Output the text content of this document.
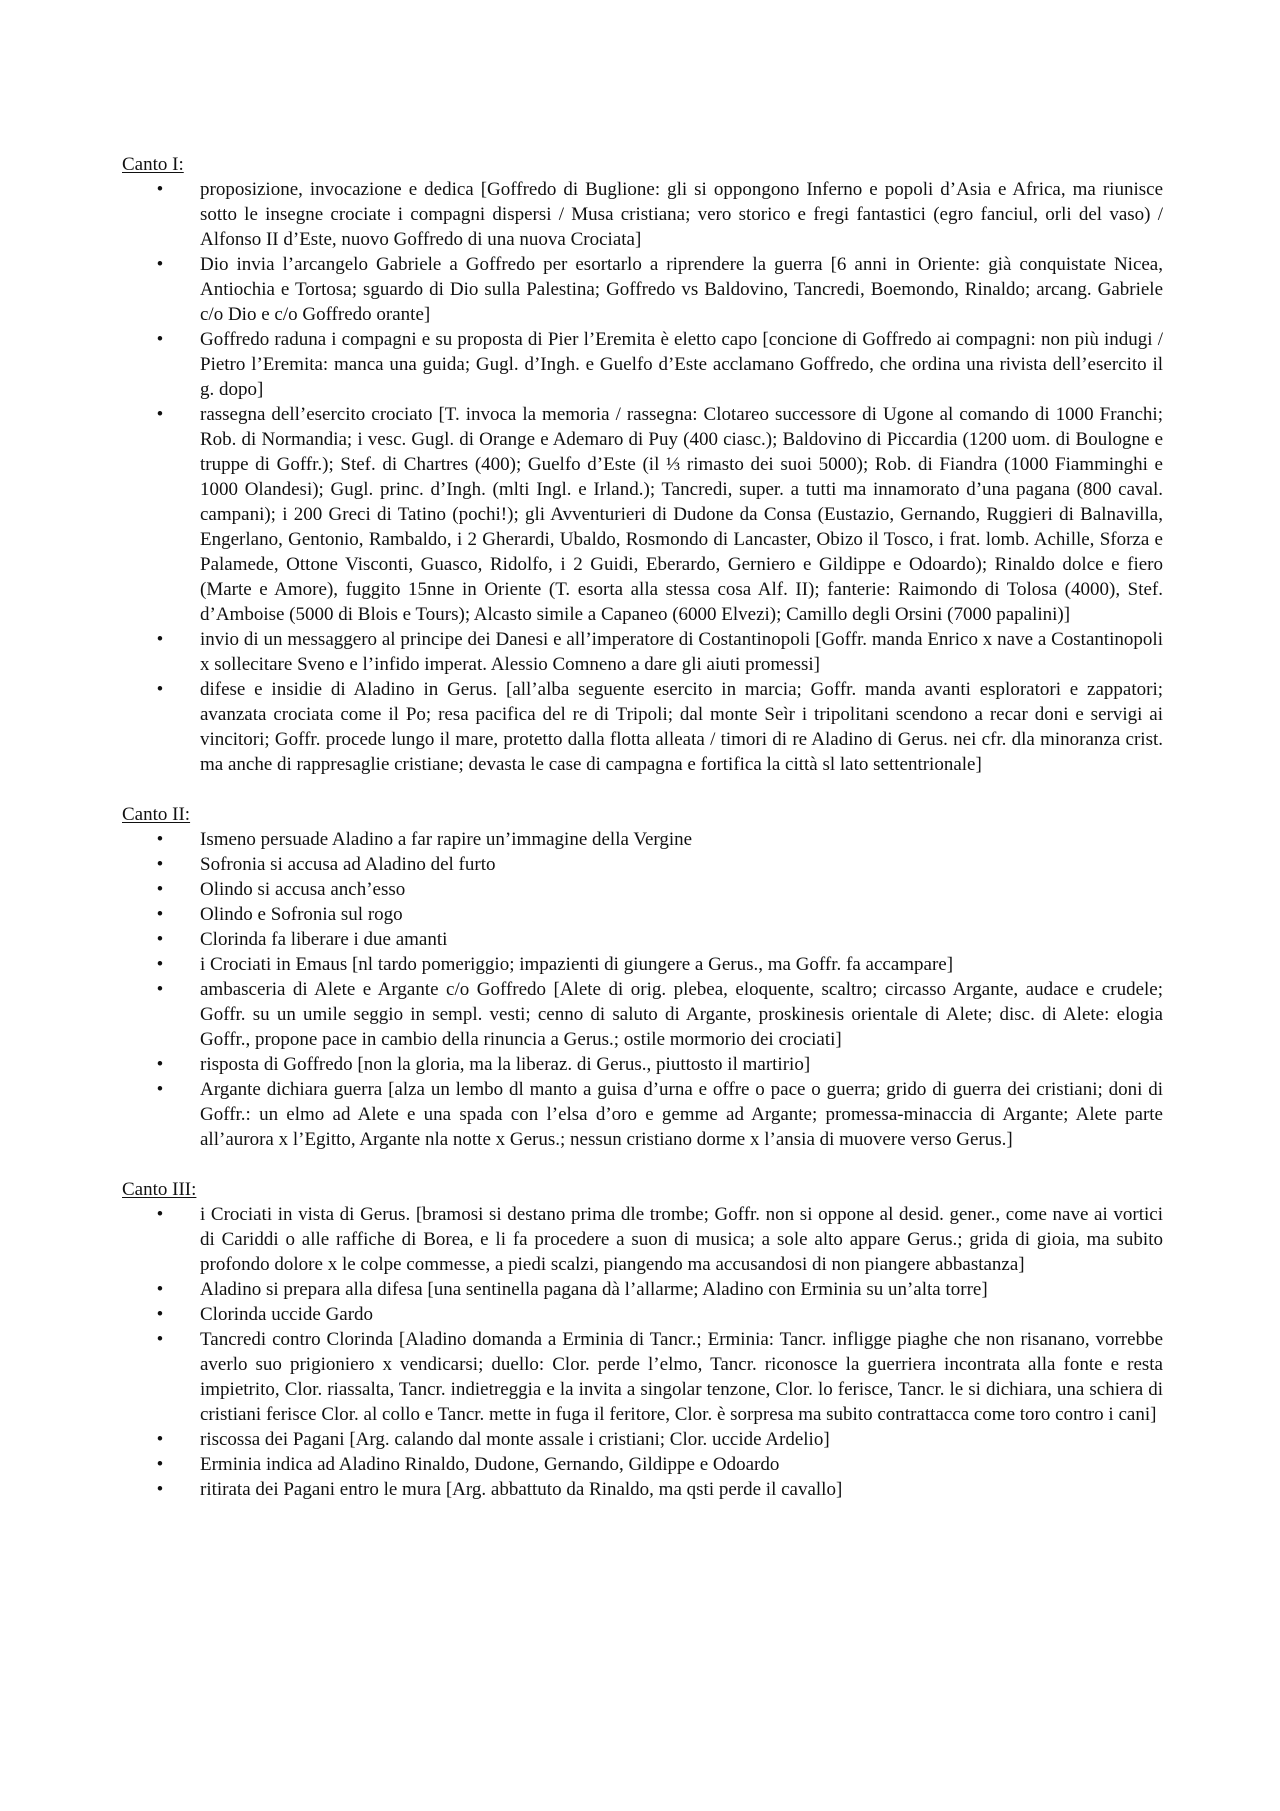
Canto I:

• proposizione, invocazione e dedica [Goffredo di Buglione: gli si oppongono Inferno e popoli d’Asia e Africa, ma riunisce sotto le insegne crociate i compagni dispersi / Musa cristiana; vero storico e fregi fantastici (egro fanciul, orli del vaso) / Alfonso II d’Este, nuovo Goffredo di una nuova Crociata]
• Dio invia l’arcangelo Gabriele a Goffredo per esortarlo a riprendere la guerra [6 anni in Oriente: già conquistate Nicea, Antiochia e Tortosa; sguardo di Dio sulla Palestina; Goffredo vs Baldovino, Tancredi, Boemondo, Rinaldo; arcang. Gabriele c/o Dio e c/o Goffredo orante]
• Goffredo raduna i compagni e su proposta di Pier l’Eremita è eletto capo [concione di Goffredo ai compagni: non più indugi / Pietro l’Eremita: manca una guida; Gugl. d’Ingh. e Guelfo d’Este acclamano Goffredo, che ordina una rivista dell’esercito il g. dopo]
• rassegna dell’esercito crociato [T. invoca la memoria / rassegna: Clotareo successore di Ugone al comando di 1000 Franchi; Rob. di Normandia; i vesc. Gugl. di Orange e Ademaro di Puy (400 ciasc.); Baldovino di Piccardia (1200 uom. di Boulogne e truppe di Goffr.); Stef. di Chartres (400); Guelfo d’Este (il ⅓ rimasto dei suoi 5000); Rob. di Fiandra (1000 Fiamminghi e 1000 Olandesi); Gugl. princ. d’Ingh. (mlti Ingl. e Irland.); Tancredi, super. a tutti ma innamorato d’una pagana (800 caval. campani); i 200 Greci di Tatino (pochi!); gli Avventurieri di Dudone da Consa (Eustazio, Gernando, Ruggieri di Balnavilla, Engerlano, Gentonio, Rambaldo, i 2 Gherardi, Ubaldo, Rosmondo di Lancaster, Obizo il Tosco, i frat. lomb. Achille, Sforza e Palamede, Ottone Visconti, Guasco, Ridolfo, i 2 Guidi, Eberardo, Gerniero e Gildippe e Odoardo); Rinaldo dolce e fiero (Marte e Amore), fuggito 15nne in Oriente (T. esorta alla stessa cosa Alf. II); fanterie: Raimondo di Tolosa (4000), Stef. d’Amboise (5000 di Blois e Tours); Alcasto simile a Capaneo (6000 Elvezi); Camillo degli Orsini (7000 papalini)]
• invio di un messaggero al principe dei Danesi e all’imperatore di Costantinopoli [Goffr. manda Enrico x nave a Costantinopoli x sollecitare Sveno e l’infido imperat. Alessio Comneno a dare gli aiuti promessi]
• difese e insidie di Aladino in Gerus. [all’alba seguente esercito in marcia; Goffr. manda avanti esploratori e zappatori; avanzata crociata come il Po; resa pacifica del re di Tripoli; dal monte Seìr i tripolitani scendono a recar doni e servigi ai vincitori; Goffr. procede lungo il mare, protetto dalla flotta alleata / timori di re Aladino di Gerus. nei cfr. dla minoranza crist. ma anche di rappresaglie cristiane; devasta le case di campagna e fortifica la città sl lato settentrionale]

Canto II:

• Ismeno persuade Aladino a far rapire un’immagine della Vergine
• Sofronia si accusa ad Aladino del furto
• Olindo si accusa anch’esso
• Olindo e Sofronia sul rogo
• Clorinda fa liberare i due amanti
• i Crociati in Emaus [nl tardo pomeriggio; impazienti di giungere a Gerus., ma Goffr. fa accampare]
• ambasceria di Alete e Argante c/o Goffredo [Alete di orig. plebea, eloquente, scaltro; circasso Argante, audace e crudele; Goffr. su un umile seggio in sempl. vesti; cenno di saluto di Argante, proskinesis orientale di Alete; disc. di Alete: elogia Goffr., propone pace in cambio della rinuncia a Gerus.; ostile mormorio dei crociati]
• risposta di Goffredo [non la gloria, ma la liberaz. di Gerus., piuttosto il martirio]
• Argante dichiara guerra [alza un lembo dl manto a guisa d’urna e offre o pace o guerra; grido di guerra dei cristiani; doni di Goffr.: un elmo ad Alete e una spada con l’elsa d’oro e gemme ad Argante; promessa-minaccia di Argante; Alete parte all’aurora x l’Egitto, Argante nla notte x Gerus.; nessun cristiano dorme x l’ansia di muovere verso Gerus.]

Canto III:

• i Crociati in vista di Gerus. [bramosi si destano prima dle trombe; Goffr. non si oppone al desid. gener., come nave ai vortici di Cariddi o alle raffiche di Borea, e li fa procedere a suon di musica; a sole alto appare Gerus.; grida di gioia, ma subito profondo dolore x le colpe commesse, a piedi scalzi, piangendo ma accusandosi di non piangere abbastanza]
• Aladino si prepara alla difesa [una sentinella pagana dà l’allarme; Aladino con Erminia su un’alta torre]
• Clorinda uccide Gardo
• Tancredi contro Clorinda [Aladino domanda a Erminia di Tancr.; Erminia: Tancr. infligge piaghe che non risanano, vorrebbe averlo suo prigioniero x vendicarsi; duello: Clor. perde l’elmo, Tancr. riconosce la guerriera incontrata alla fonte e resta impietrito, Clor. riassalta, Tancr. indietreggia e la invita a singolar tenzone, Clor. lo ferisce, Tancr. le si dichiara, una schiera di cristiani ferisce Clor. al collo e Tancr. mette in fuga il feritore, Clor. è sorpresa ma subito contrattacca come toro contro i cani]
• riscossa dei Pagani [Arg. calando dal monte assale i cristiani; Clor. uccide Ardelio]
• Erminia indica ad Aladino Rinaldo, Dudone, Gernando, Gildippe e Odoardo
• ritirata dei Pagani entro le mura [Arg. abbattuto da Rinaldo, ma qsti perde il cavallo]
